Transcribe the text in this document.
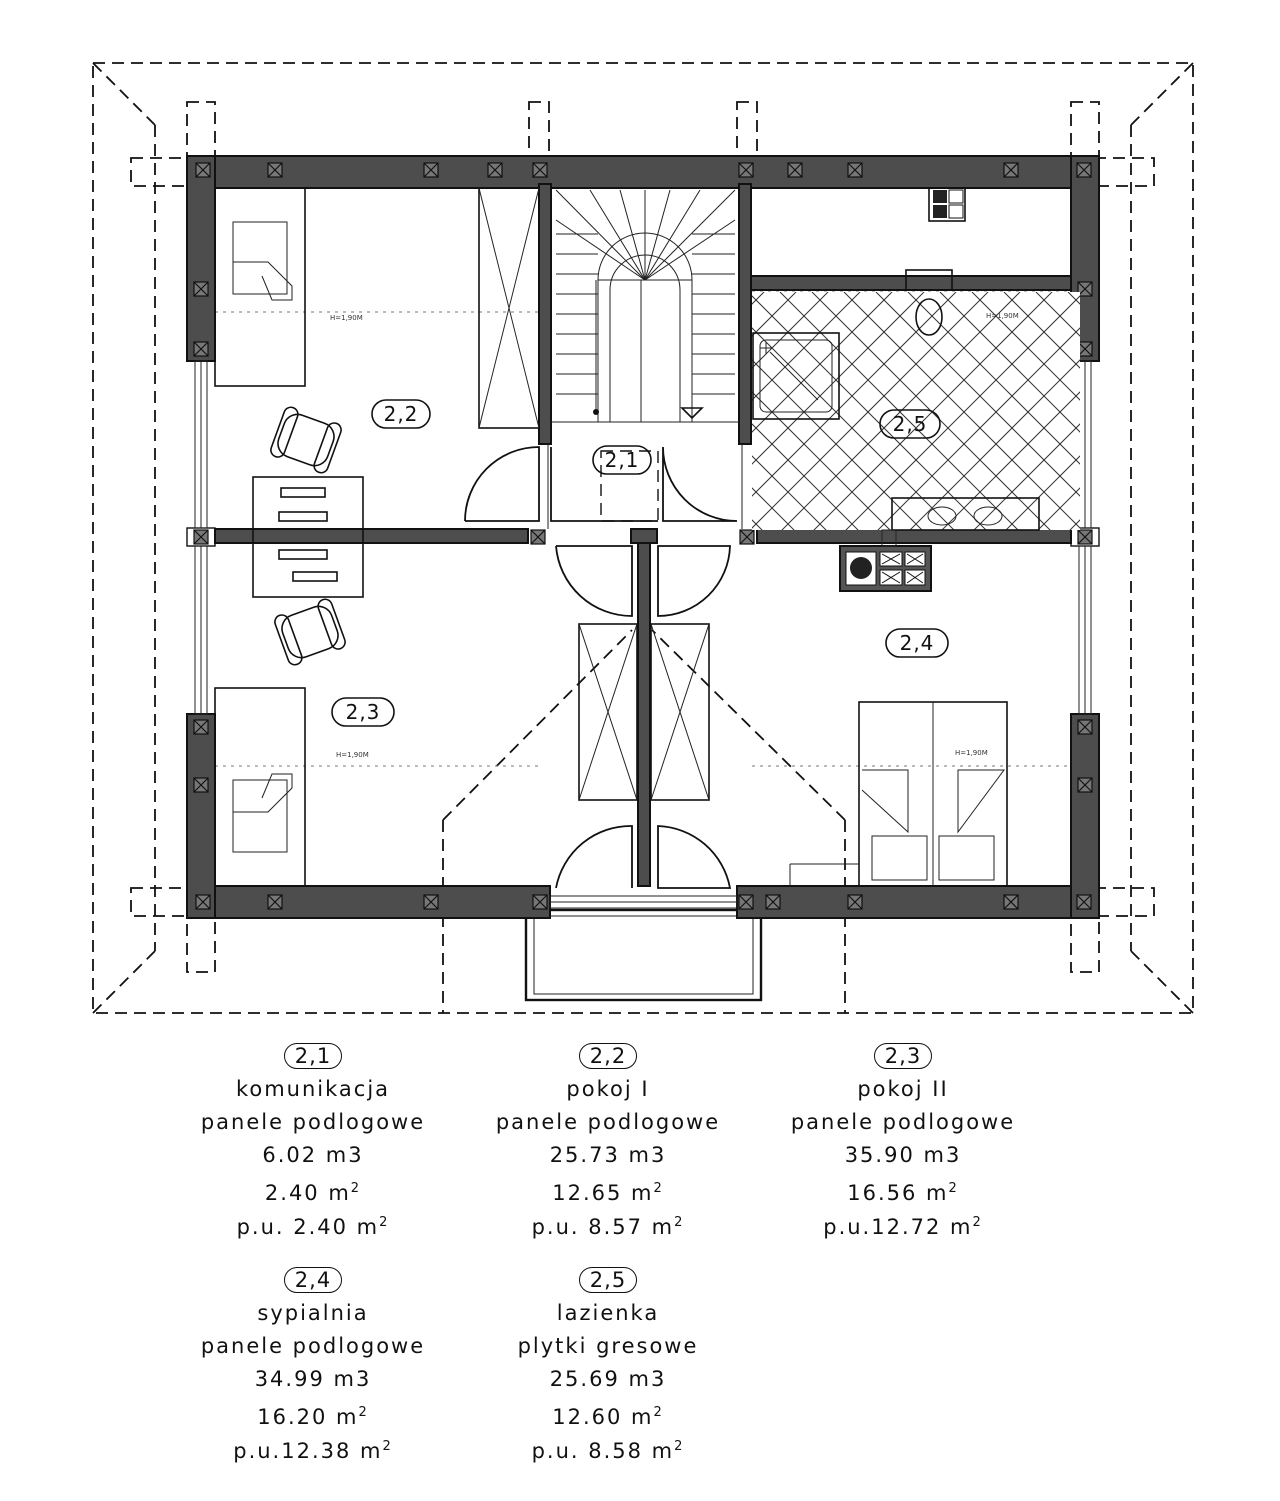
2,2
2,1
2,5
2,4
2,3
H=1,90M	H=1,90M
H=1,90M	H=1,90M
2,1
komunikacja
panele podlogowe
6.02 m3
2.40 $m^2$
p.u. 2.40 $m^2$
2,2
pokoj I
panele podlogowe
25.73 m3
12.65 $m^2$
p.u. 8.57 $m^2$
2,3
pokoj II
panele podlogowe
35.90 m3
16.56 $m^2$
p.u.12.72 $m^2$
2,4
sypialnia
panele podlogowe
34.99 m3
16.20 $m^2$
p.u.12.38 $m^2$
2,5
lazienka
plytki gresowe
25.69 m3
12.60 $m^2$
p.u. 8.58 $m^2$
